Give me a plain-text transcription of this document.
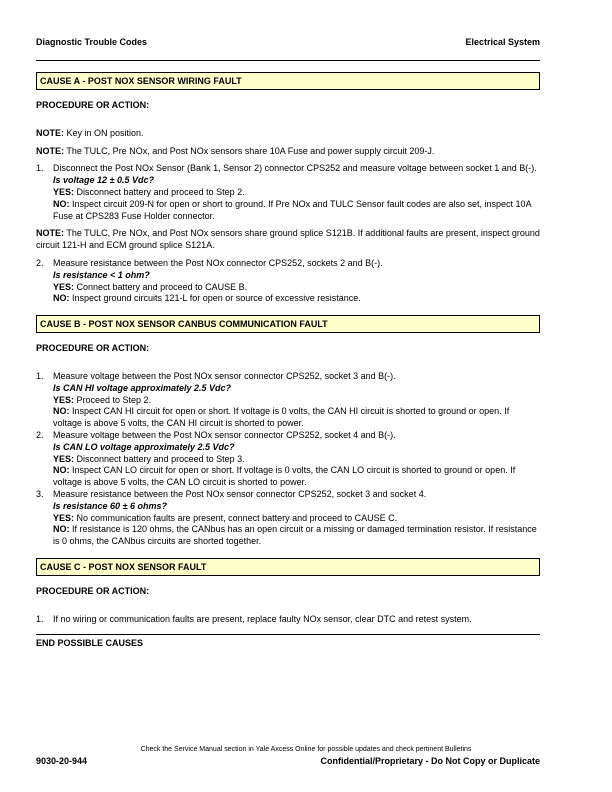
Diagnostic Trouble Codes	Electrical System
CAUSE A - POST NOX SENSOR WIRING FAULT
PROCEDURE OR ACTION:
NOTE: Key in ON position.
NOTE: The TULC, Pre NOx, and Post NOx sensors share 10A Fuse and power supply circuit 209-J.
1. Disconnect the Post NOx Sensor (Bank 1, Sensor 2) connector CPS252 and measure voltage between socket 1 and B(-).
Is voltage 12 ± 0.5 Vdc?
YES: Disconnect battery and proceed to Step 2.
NO: Inspect circuit 209-N for open or short to ground. If Pre NOx and TULC Sensor fault codes are also set, inspect 10A Fuse at CPS283 Fuse Holder connector.
NOTE: The TULC, Pre NOx, and Post NOx sensors share ground splice S121B. If additional faults are present, inspect ground circuit 121-H and ECM ground splice S121A.
2. Measure resistance between the Post NOx connector CPS252, sockets 2 and B(-).
Is resistance < 1 ohm?
YES: Connect battery and proceed to CAUSE B.
NO: Inspect ground circuits 121-L for open or source of excessive resistance.
CAUSE B - POST NOX SENSOR CANBUS COMMUNICATION FAULT
PROCEDURE OR ACTION:
1. Measure voltage between the Post NOx sensor connector CPS252, socket 3 and B(-).
Is CAN HI voltage approximately 2.5 Vdc?
YES: Proceed to Step 2.
NO: Inspect CAN HI circuit for open or short. If voltage is 0 volts, the CAN HI circuit is shorted to ground or open. If voltage is above 5 volts, the CAN HI circuit is shorted to power.
2. Measure voltage between the Post NOx sensor connector CPS252, socket 4 and B(-).
Is CAN LO voltage approximately 2.5 Vdc?
YES: Disconnect battery and proceed to Step 3.
NO: Inspect CAN LO circuit for open or short. If voltage is 0 volts, the CAN LO circuit is shorted to ground or open. If voltage is above 5 volts, the CAN LO circuit is shorted to power.
3. Measure resistance between the Post NOx sensor connector CPS252, socket 3 and socket 4.
Is resistance 60 ± 6 ohms?
YES: No communication faults are present, connect battery and proceed to CAUSE C.
NO: If resistance is 120 ohms, the CANbus has an open circuit or a missing or damaged termination resistor. If resistance is 0 ohms, the CANbus circuits are shorted together.
CAUSE C - POST NOX SENSOR FAULT
PROCEDURE OR ACTION:
1. If no wiring or communication faults are present, replace faulty NOx sensor, clear DTC and retest system.
END POSSIBLE CAUSES
Check the Service Manual section in Yale Axcess Online for possible updates and check pertinent Bulletins
9030-20-944	Confidential/Proprietary - Do Not Copy or Duplicate
